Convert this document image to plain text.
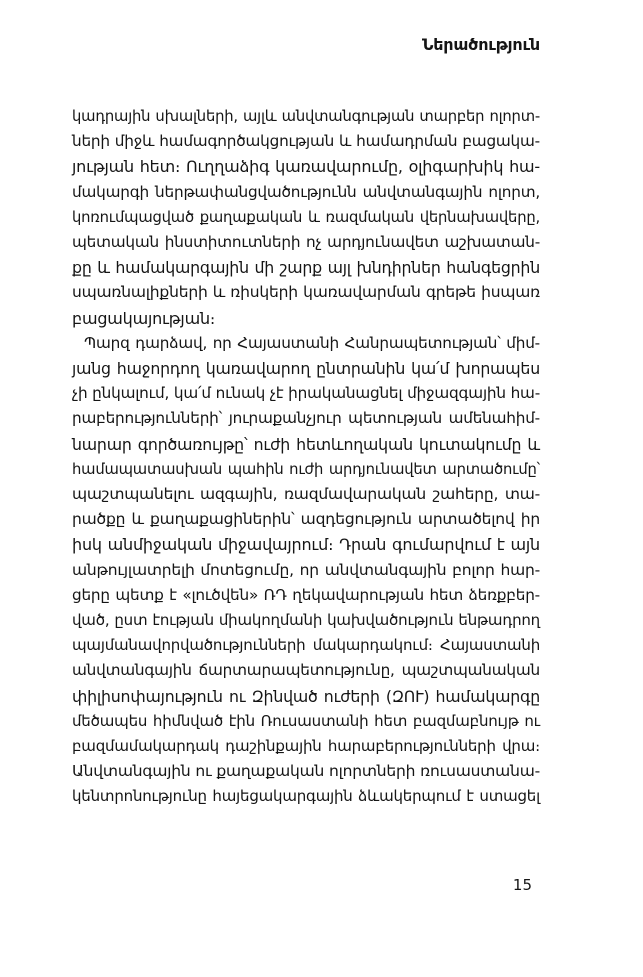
Ներածություն
կադրային սխալների, այլև անվտանգության տարբեր ոլորտ-
ների միջև համագործակցության և համադրման բացակա-
յության հետ։ Ուղղաձիգ կառավարումը, օլիգարխիկ հա-
մակարգի ներթափանցվածությունն անվտանգային ոլորտ,
կոռումպացված քաղաքական և ռազմական վերնախավերը,
պետական ինստիտուտների ոչ արդյունավետ աշխատան-
քը և համակարգային մի շարք այլ խնդիրներ հանգեցրին
սպառնալիքների և ռիսկերի կառավարման գրեթե իսպառ
բացակայության։
Պարզ դարձավ, որ Հայաստանի Հանրապետության՝ միմ-
յանց հաջորդող կառավարող ընտրանին կա՛մ խորապես
չի ընկալում, կա՛մ ունակ չէ իրականացնել միջազգային հա-
րաբերությունների՝ յուրաքանչյուր պետության ամենահիմ-
նարար գործառույթը՝ ուժի հետևողական կուտակումը և
համապատասխան պահին ուժի արդյունավետ արտածումը՝
պաշտպանելու ազգային, ռազմավարական շահերը, տա-
րածքը և քաղաքացիներին՝ ազդեցություն արտածելով իր
իսկ անմիջական միջավայրում։ Դրան գումարվում է այն
անթույլատրելի մոտեցումը, որ անվտանգային բոլոր հար-
ցերը պետք է «լուծվեն» ՌԴ ղեկավարության հետ ձեռքբեր-
ված, ըստ էության միակողմանի կախվածություն ենթադրող
պայմանավորվածությունների մակարդակում։ Հայաստանի
անվտանգային ճարտարապետությունը, պաշտպանական
փիլիսոփայություն ու Զինված ուժերի (ԶՈՒ) համակարգը
մեծապես հիմնված էին Ռուսաստանի հետ բազմաբնույթ ու
բազմամակարդակ դաշինքային հարաբերությունների վրա։
Անվտանգային ու քաղաքական ոլորտների ռուսաստանա-
կենտրոնությունը հայեցակարգային ձևակերպում է ստացել
15
